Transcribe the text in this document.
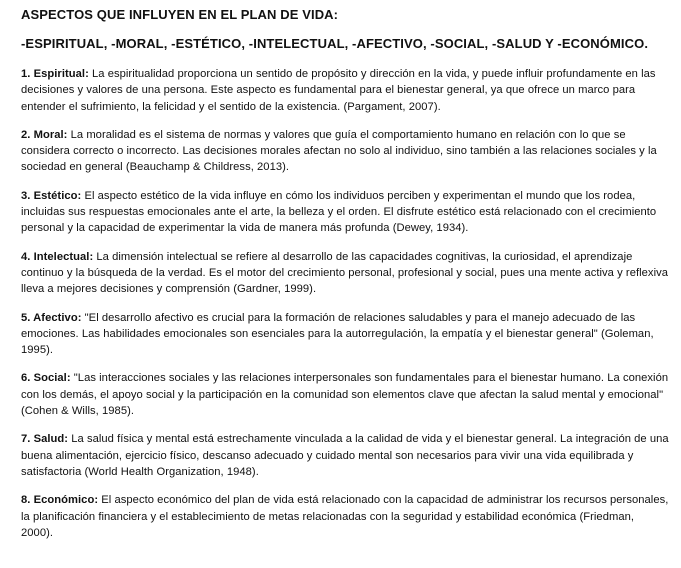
ASPECTOS QUE INFLUYEN EN EL PLAN DE VIDA:

-ESPIRITUAL, -MORAL, -ESTÉTICO, -INTELECTUAL, -AFECTIVO, -SOCIAL, -SALUD Y -ECONÓMICO.

1. Espiritual: La espiritualidad proporciona un sentido de propósito y dirección en la vida, y puede influir profundamente en las decisiones y valores de una persona. Este aspecto es fundamental para el bienestar general, ya que ofrece un marco para entender el sufrimiento, la felicidad y el sentido de la existencia. (Pargament, 2007).

2. Moral: La moralidad es el sistema de normas y valores que guía el comportamiento humano en relación con lo que se considera correcto o incorrecto. Las decisiones morales afectan no solo al individuo, sino también a las relaciones sociales y la sociedad en general (Beauchamp & Childress, 2013).

3. Estético: El aspecto estético de la vida influye en cómo los individuos perciben y experimentan el mundo que los rodea, incluidas sus respuestas emocionales ante el arte, la belleza y el orden. El disfrute estético está relacionado con el crecimiento personal y la capacidad de experimentar la vida de manera más profunda (Dewey, 1934).

4. Intelectual: La dimensión intelectual se refiere al desarrollo de las capacidades cognitivas, la curiosidad, el aprendizaje continuo y la búsqueda de la verdad. Es el motor del crecimiento personal, profesional y social, pues una mente activa y reflexiva lleva a mejores decisiones y comprensión (Gardner, 1999).

5. Afectivo: "El desarrollo afectivo es crucial para la formación de relaciones saludables y para el manejo adecuado de las emociones. Las habilidades emocionales son esenciales para la autorregulación, la empatía y el bienestar general" (Goleman, 1995).

6. Social: "Las interacciones sociales y las relaciones interpersonales son fundamentales para el bienestar humano. La conexión con los demás, el apoyo social y la participación en la comunidad son elementos clave que afectan la salud mental y emocional" (Cohen & Wills, 1985).

7. Salud: La salud física y mental está estrechamente vinculada a la calidad de vida y el bienestar general. La integración de una buena alimentación, ejercicio físico, descanso adecuado y cuidado mental son necesarios para vivir una vida equilibrada y satisfactoria (World Health Organization, 1948).

8. Económico: El aspecto económico del plan de vida está relacionado con la capacidad de administrar los recursos personales, la planificación financiera y el establecimiento de metas relacionadas con la seguridad y estabilidad económica (Friedman, 2000).
